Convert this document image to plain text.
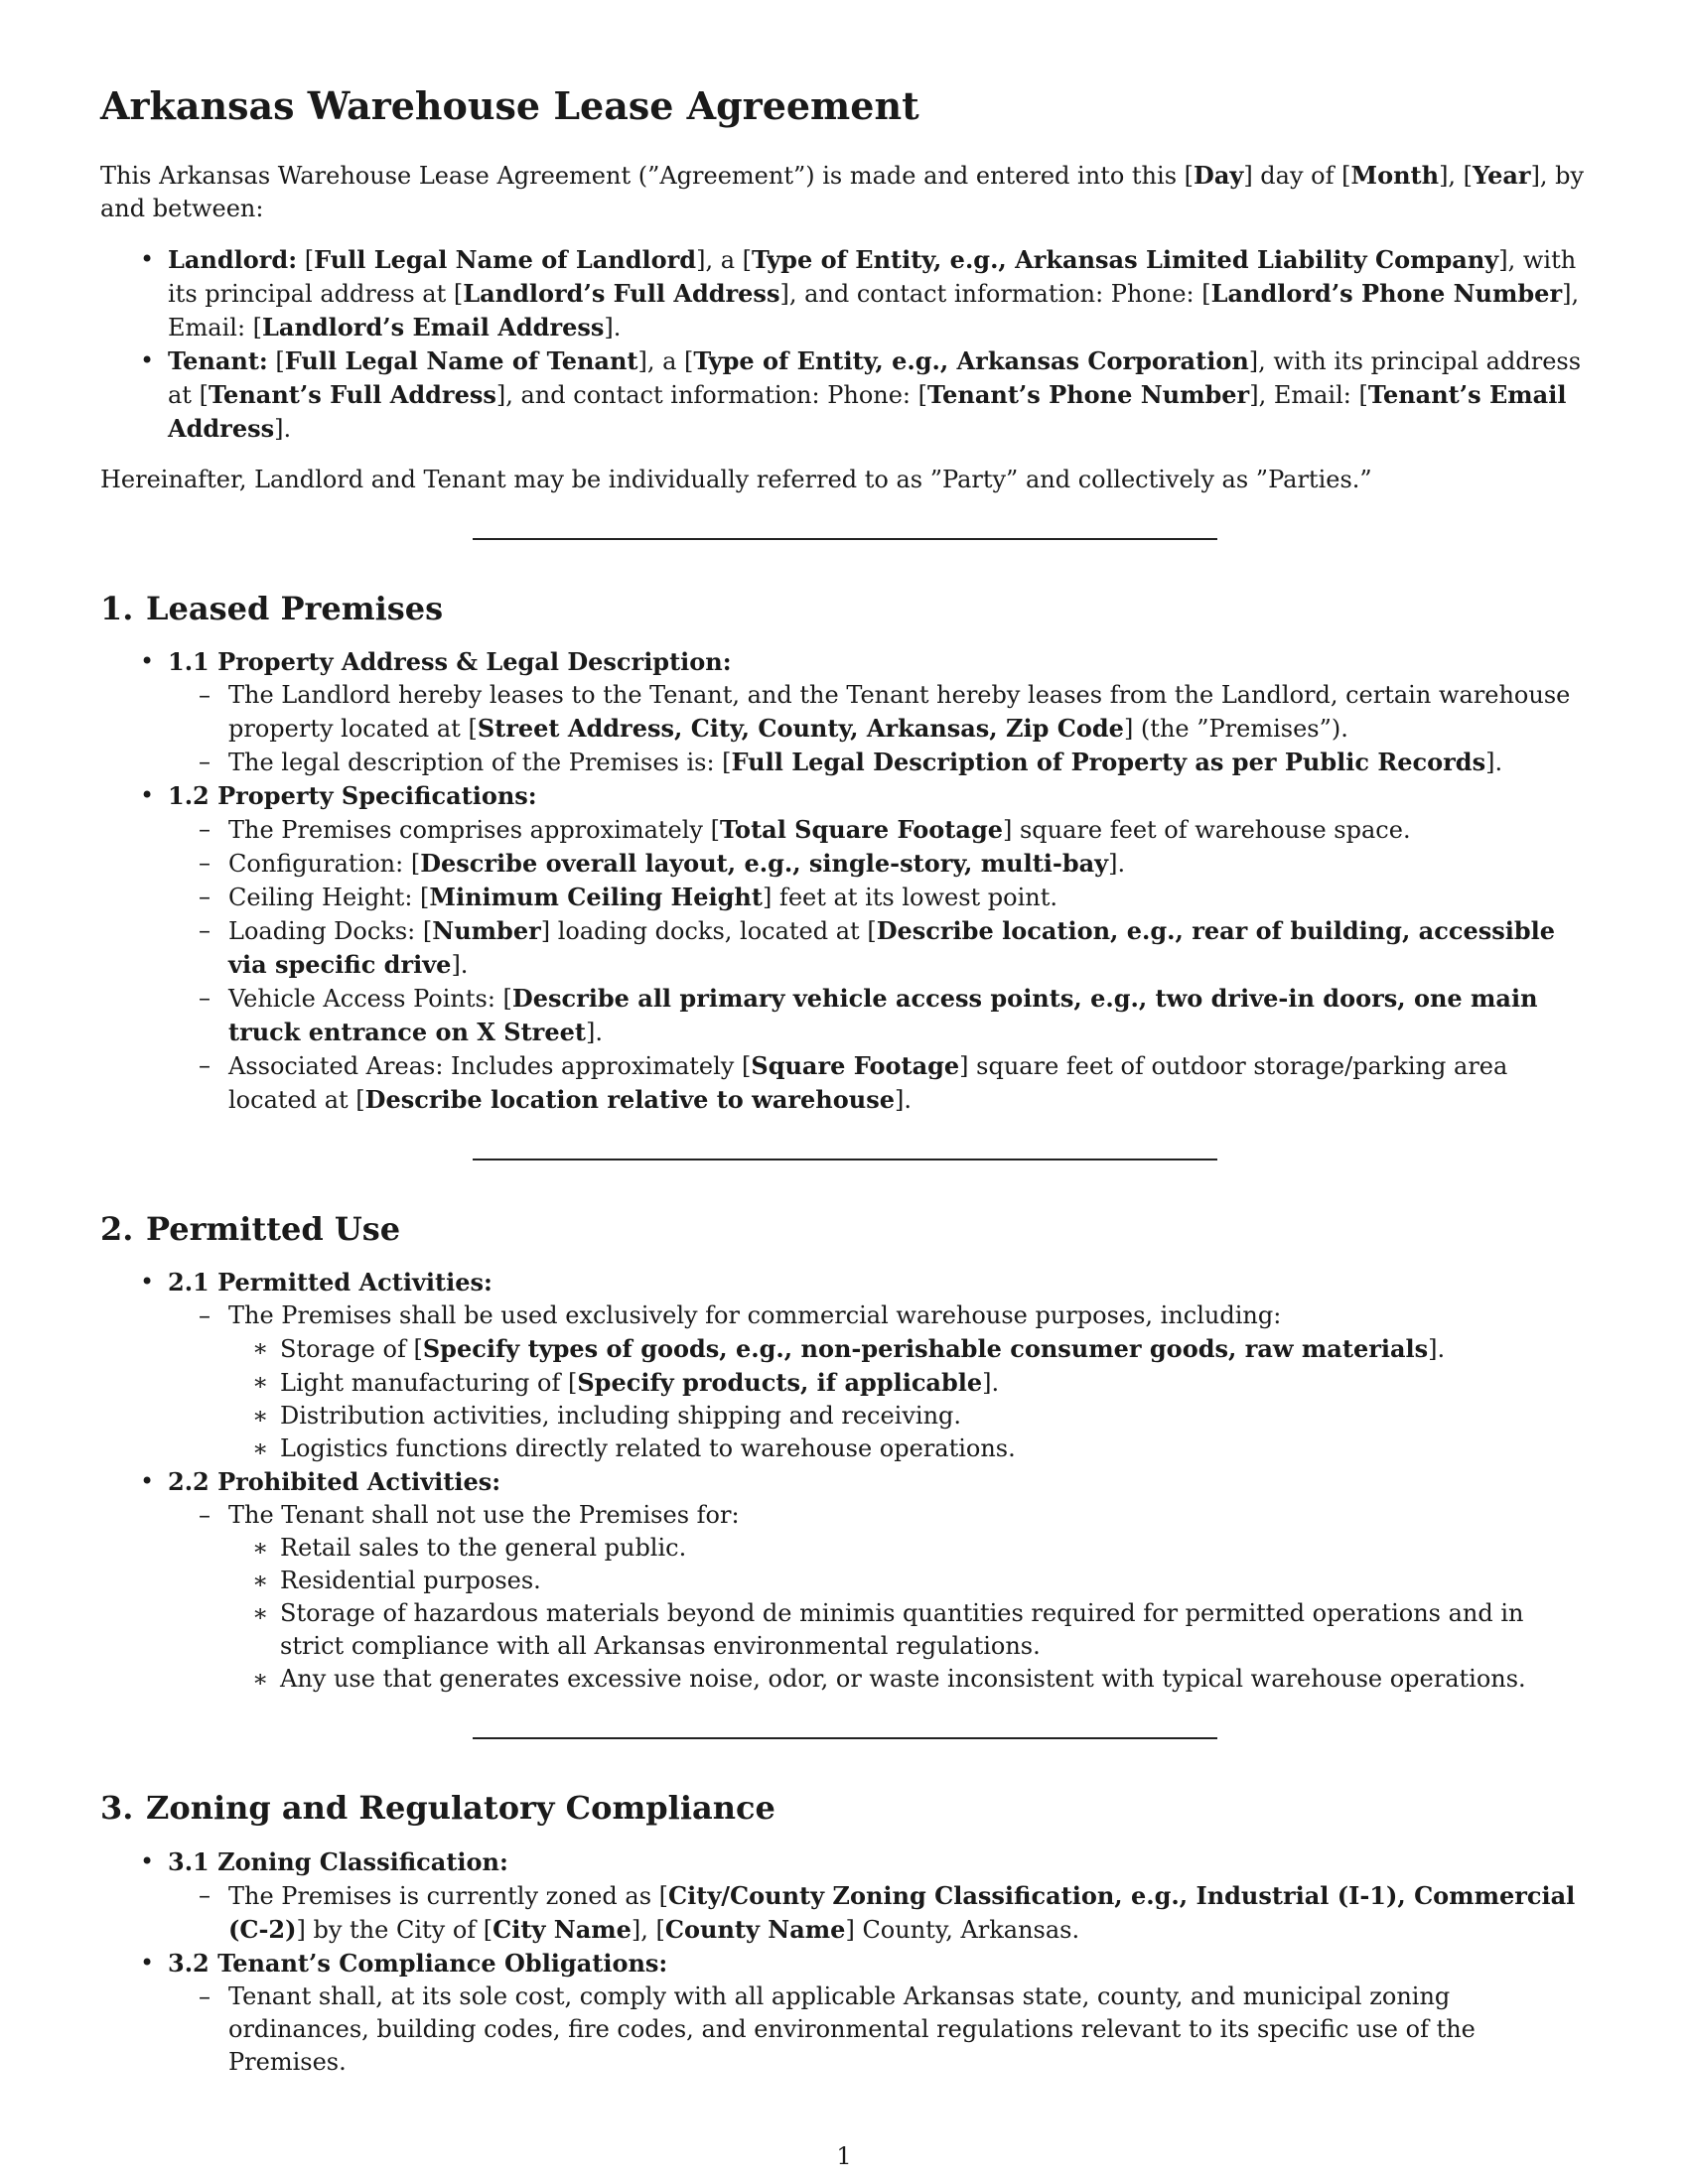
Arkansas Warehouse Lease Agreement

This Arkansas Warehouse Lease Agreement (”Agreement”) is made and entered into this [Day] day of [Month], [Year], by and between:

• Landlord: [Full Legal Name of Landlord], a [Type of Entity, e.g., Arkansas Limited Liability Company], with its principal address at [Landlord’s Full Address], and contact information: Phone: [Landlord’s Phone Number], Email: [Landlord’s Email Address].
• Tenant: [Full Legal Name of Tenant], a [Type of Entity, e.g., Arkansas Corporation], with its principal address at [Tenant’s Full Address], and contact information: Phone: [Tenant’s Phone Number], Email: [Tenant’s Email Address].

Hereinafter, Landlord and Tenant may be individually referred to as ”Party” and collectively as ”Parties.”

1. Leased Premises
• 1.1 Property Address & Legal Description:
– The Landlord hereby leases to the Tenant, and the Tenant hereby leases from the Landlord, certain warehouse property located at [Street Address, City, County, Arkansas, Zip Code] (the ”Premises”).
– The legal description of the Premises is: [Full Legal Description of Property as per Public Records].
• 1.2 Property Specifications:
– The Premises comprises approximately [Total Square Footage] square feet of warehouse space.
– Configuration: [Describe overall layout, e.g., single-story, multi-bay].
– Ceiling Height: [Minimum Ceiling Height] feet at its lowest point.
– Loading Docks: [Number] loading docks, located at [Describe location, e.g., rear of building, accessible via specific drive].
– Vehicle Access Points: [Describe all primary vehicle access points, e.g., two drive-in doors, one main truck entrance on X Street].
– Associated Areas: Includes approximately [Square Footage] square feet of outdoor storage/parking area located at [Describe location relative to warehouse].
2. Permitted Use
• 2.1 Permitted Activities:
– The Premises shall be used exclusively for commercial warehouse purposes, including:
∗ Storage of [Specify types of goods, e.g., non-perishable consumer goods, raw materials].
∗ Light manufacturing of [Specify products, if applicable].
∗ Distribution activities, including shipping and receiving.
∗ Logistics functions directly related to warehouse operations.
• 2.2 Prohibited Activities:
– The Tenant shall not use the Premises for:
∗ Retail sales to the general public.
∗ Residential purposes.
∗ Storage of hazardous materials beyond de minimis quantities required for permitted operations and in strict compliance with all Arkansas environmental regulations.
∗ Any use that generates excessive noise, odor, or waste inconsistent with typical warehouse operations.
3. Zoning and Regulatory Compliance
• 3.1 Zoning Classification:
– The Premises is currently zoned as [City/County Zoning Classification, e.g., Industrial (I-1), Commercial (C-2)] by the City of [City Name], [County Name] County, Arkansas.
• 3.2 Tenant’s Compliance Obligations:
– Tenant shall, at its sole cost, comply with all applicable Arkansas state, county, and municipal zoning ordinances, building codes, fire codes, and environmental regulations relevant to its specific use of the Premises.
1
